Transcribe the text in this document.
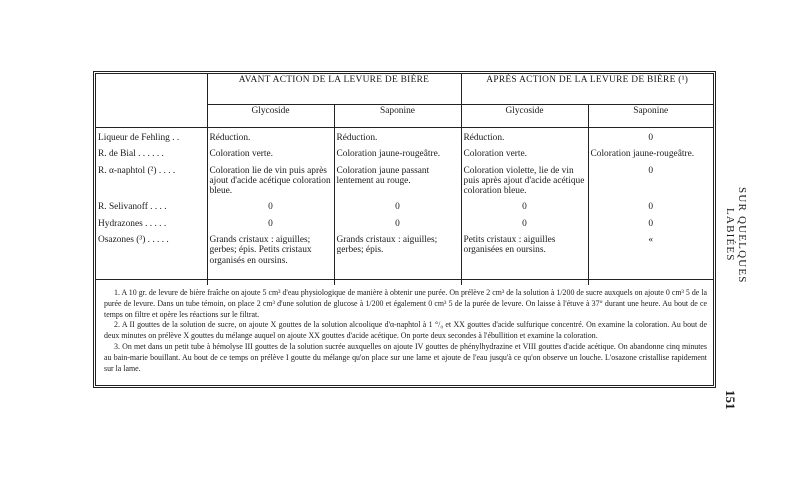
	AVANT ACTION DE LA LEVURE DE BIÈRE		APRÈS ACTION DE LA LEVURE DE BIÈRE (¹)	
	Glycoside	Saponine	Glycoside	Saponine

Liqueur de Fehling . .	Réduction.	Réduction.	Réduction.	0

R. de Bial . . . . . .	Coloration verte.	Coloration jaune-rougeâtre.	Coloration verte.	Coloration jaune-rougeâtre.

R. α-naphtol (²) . . . .	Coloration lie de vin puis après ajout d'acide acétique coloration bleue.	Coloration jaune passant lentement au rouge.	Coloration violette, lie de vin puis après ajout d'acide acétique coloration bleue.	0

R. Selivanoff . . . .	0	0	0	0

Hydrazones . . . . .	0	0	0	0

Osazones (³) . . . . .	Grands cristaux : aiguilles; gerbes; épis. Petits cristaux organisés en oursins.	Grands cristaux : aiguilles; gerbes; épis.	Petits cristaux : aiguilles organisées en oursins.	«

1. A 10 gr. de levure de bière fraîche on ajoute 5 cm³ d'eau physiologique de manière à obtenir une purée. On prélève 2 cm³ de la solution à 1/200 de sucre auxquels on ajoute 0 cm³ 5 de la purée de levure. Dans un tube témoin, on place 2 cm³ d'une solution de glucose à 1/200 et également 0 cm³ 5 de la purée de levure. On laisse à l'étuve à 37° durant une heure. Au bout de ce temps on filtre et opère les réactions sur le filtrat.

2. A II gouttes de la solution de sucre, on ajoute X gouttes de la solution alcoolique d'α-naphtol à 1 °/₀ et XX gouttes d'acide sulfurique concentré. On examine la coloration. Au bout de deux minutes on prélève X gouttes du mélange auquel on ajoute XX gouttes d'acide acétique. On porte deux secondes à l'ébullition et examine la coloration.

3. On met dans un petit tube à hémolyse III gouttes de la solution sucrée auxquelles on ajoute IV gouttes de phénylhydrazine et VIII gouttes d'acide acétique. On abandonne cinq minutes au bain-marie bouillant. Au bout de ce temps on prélève I goutte du mélange qu'on place sur une lame et ajoute de l'eau jusqu'à ce qu'on observe un louche. L'osazone cristallise rapidement sur la lame.

SUR QUELQUES LABIÉES
151
